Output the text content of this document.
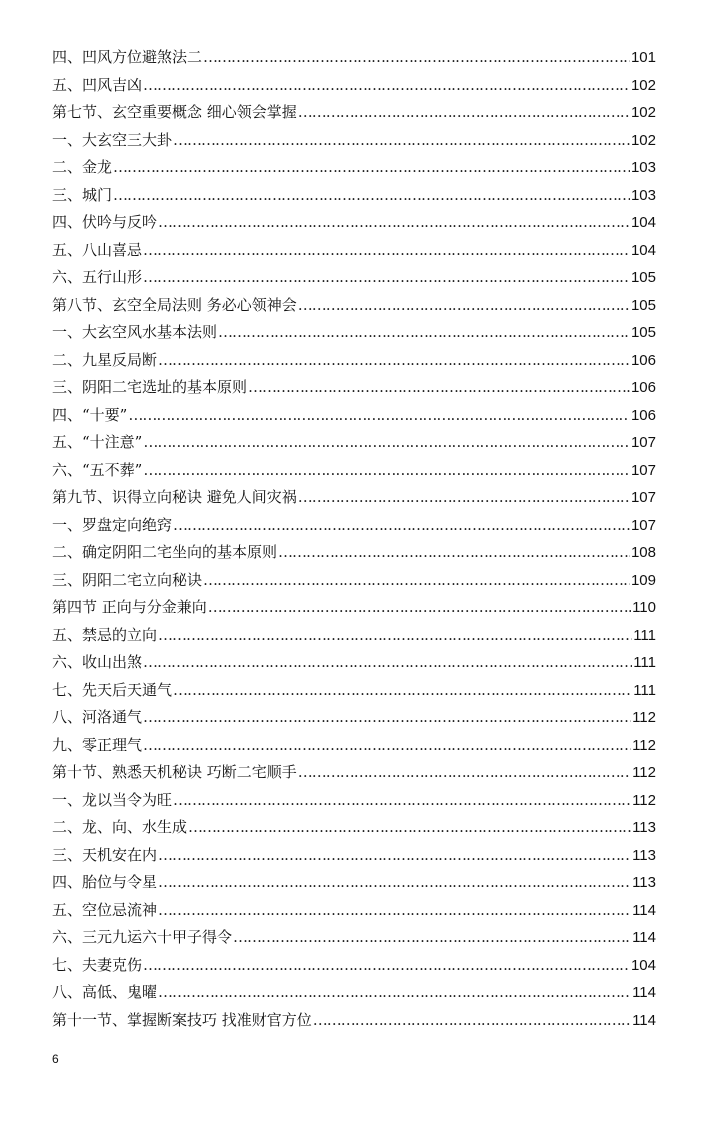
四、凹风方位避煞法二 ……………………………………………………………………………………………………………………………………………………………………………………………………	101
五、凹风吉凶 ……………………………………………………………………………………………………………………………………………………………………………………………………	102
第七节、玄空重要概念 细心领会掌握 ……………………………………………………………………………………………………………………………………………………………………………………………………	102
一、大玄空三大卦 ……………………………………………………………………………………………………………………………………………………………………………………………………	102
二、金龙 ……………………………………………………………………………………………………………………………………………………………………………………………………	103
三、城门 ……………………………………………………………………………………………………………………………………………………………………………………………………	103
四、伏吟与反吟 ……………………………………………………………………………………………………………………………………………………………………………………………………	104
五、八山喜忌 ……………………………………………………………………………………………………………………………………………………………………………………………………	104
六、五行山形 ……………………………………………………………………………………………………………………………………………………………………………………………………	105
第八节、玄空全局法则 务必心领神会 ……………………………………………………………………………………………………………………………………………………………………………………………………	105
一、大玄空风水基本法则 ……………………………………………………………………………………………………………………………………………………………………………………………………	105
二、九星反局断 ……………………………………………………………………………………………………………………………………………………………………………………………………	106
三、阴阳二宅选址的基本原则 ……………………………………………………………………………………………………………………………………………………………………………………………………	106
四、“十要” ……………………………………………………………………………………………………………………………………………………………………………………………………	106
五、“十注意” ……………………………………………………………………………………………………………………………………………………………………………………………………	107
六、“五不葬” ……………………………………………………………………………………………………………………………………………………………………………………………………	107
第九节、识得立向秘诀 避免人间灾祸 ……………………………………………………………………………………………………………………………………………………………………………………………………	107
一、罗盘定向绝窍 ……………………………………………………………………………………………………………………………………………………………………………………………………	107
二、确定阴阳二宅坐向的基本原则 ……………………………………………………………………………………………………………………………………………………………………………………………………	108
三、阴阳二宅立向秘诀 ……………………………………………………………………………………………………………………………………………………………………………………………………	109
第四节 正向与分金兼向 ……………………………………………………………………………………………………………………………………………………………………………………………………	110
五、禁忌的立向 ……………………………………………………………………………………………………………………………………………………………………………………………………	111
六、收山出煞 ……………………………………………………………………………………………………………………………………………………………………………………………………	111
七、先天后天通气 ……………………………………………………………………………………………………………………………………………………………………………………………………	111
八、河洛通气 ……………………………………………………………………………………………………………………………………………………………………………………………………	112
九、零正理气 ……………………………………………………………………………………………………………………………………………………………………………………………………	112
第十节、熟悉天机秘诀 巧断二宅顺手 ……………………………………………………………………………………………………………………………………………………………………………………………………	112
一、龙以当令为旺 ……………………………………………………………………………………………………………………………………………………………………………………………………	112
二、龙、向、水生成 ……………………………………………………………………………………………………………………………………………………………………………………………………	113
三、天机安在内 ……………………………………………………………………………………………………………………………………………………………………………………………………	113
四、胎位与令星 ……………………………………………………………………………………………………………………………………………………………………………………………………	113
五、空位忌流神 ……………………………………………………………………………………………………………………………………………………………………………………………………	114
六、三元九运六十甲子得令 ……………………………………………………………………………………………………………………………………………………………………………………………………	114
七、夫妻克伤 ……………………………………………………………………………………………………………………………………………………………………………………………………	104
八、高低、鬼曜 ……………………………………………………………………………………………………………………………………………………………………………………………………	114
第十一节、掌握断案技巧 找准财官方位 ……………………………………………………………………………………………………………………………………………………………………………………………………	114
6
